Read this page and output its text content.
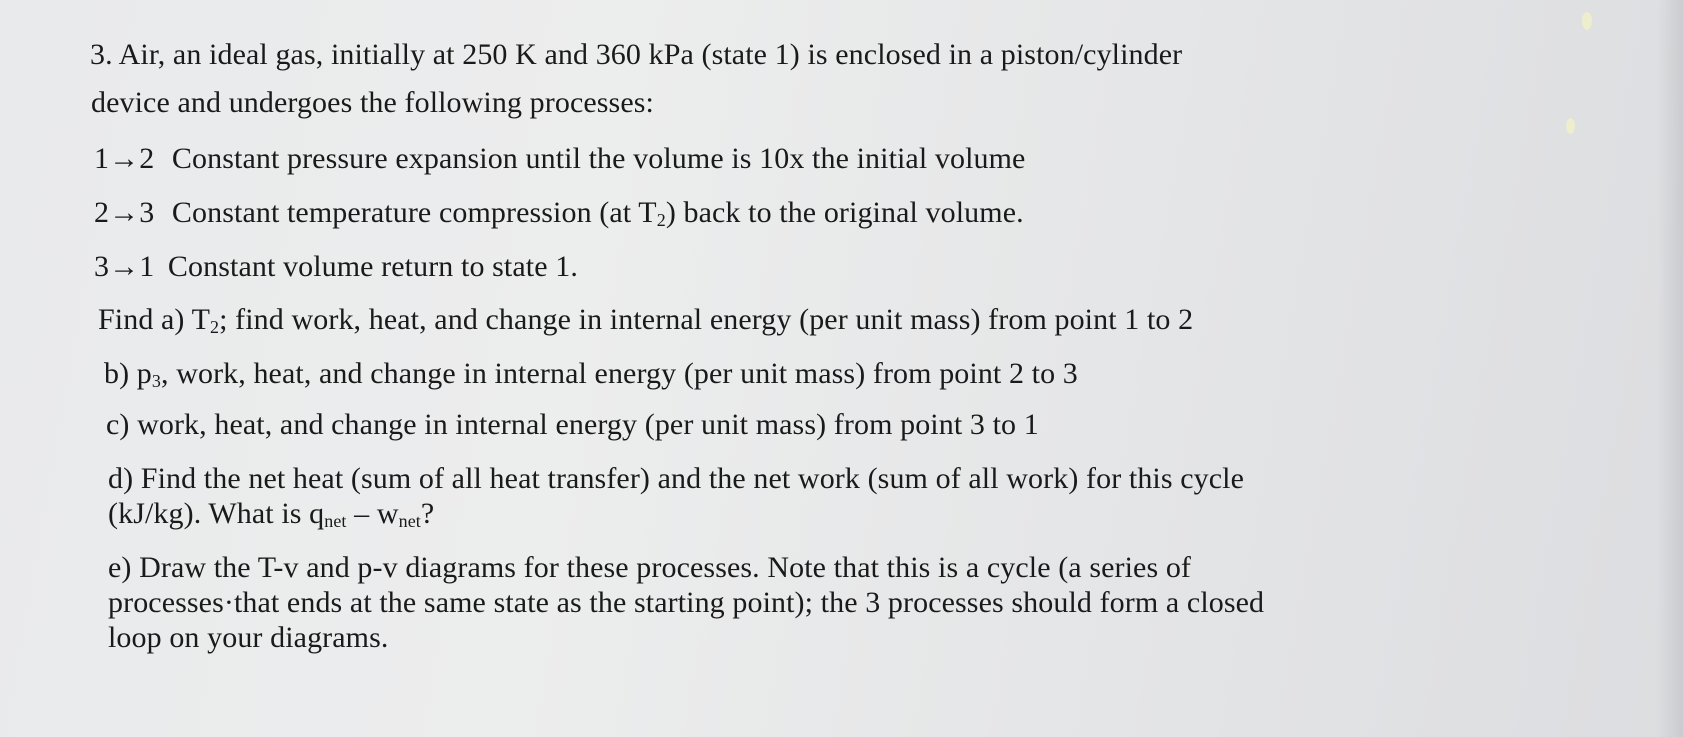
3. Air, an ideal gas, initially at 250 K and 360 kPa (state 1) is enclosed in a piston/cylinder
device and undergoes the following processes:
1→2 Constant pressure expansion until the volume is 10x the initial volume
2→3 Constant temperature compression (at $T_2$) back to the original volume.
3→1 Constant volume return to state 1.
Find a) $T_2$; find work, heat, and change in internal energy (per unit mass) from point 1 to 2
b) $p_3$, work, heat, and change in internal energy (per unit mass) from point 2 to 3
c) work, heat, and change in internal energy (per unit mass) from point 3 to 1
d) Find the net heat (sum of all heat transfer) and the net work (sum of all work) for this cycle
(kJ/kg). What is $q_{net} - w_{net}$?
e) Draw the T-v and p-v diagrams for these processes. Note that this is a cycle (a series of
processes·that ends at the same state as the starting point); the 3 processes should form a closed
loop on your diagrams.
